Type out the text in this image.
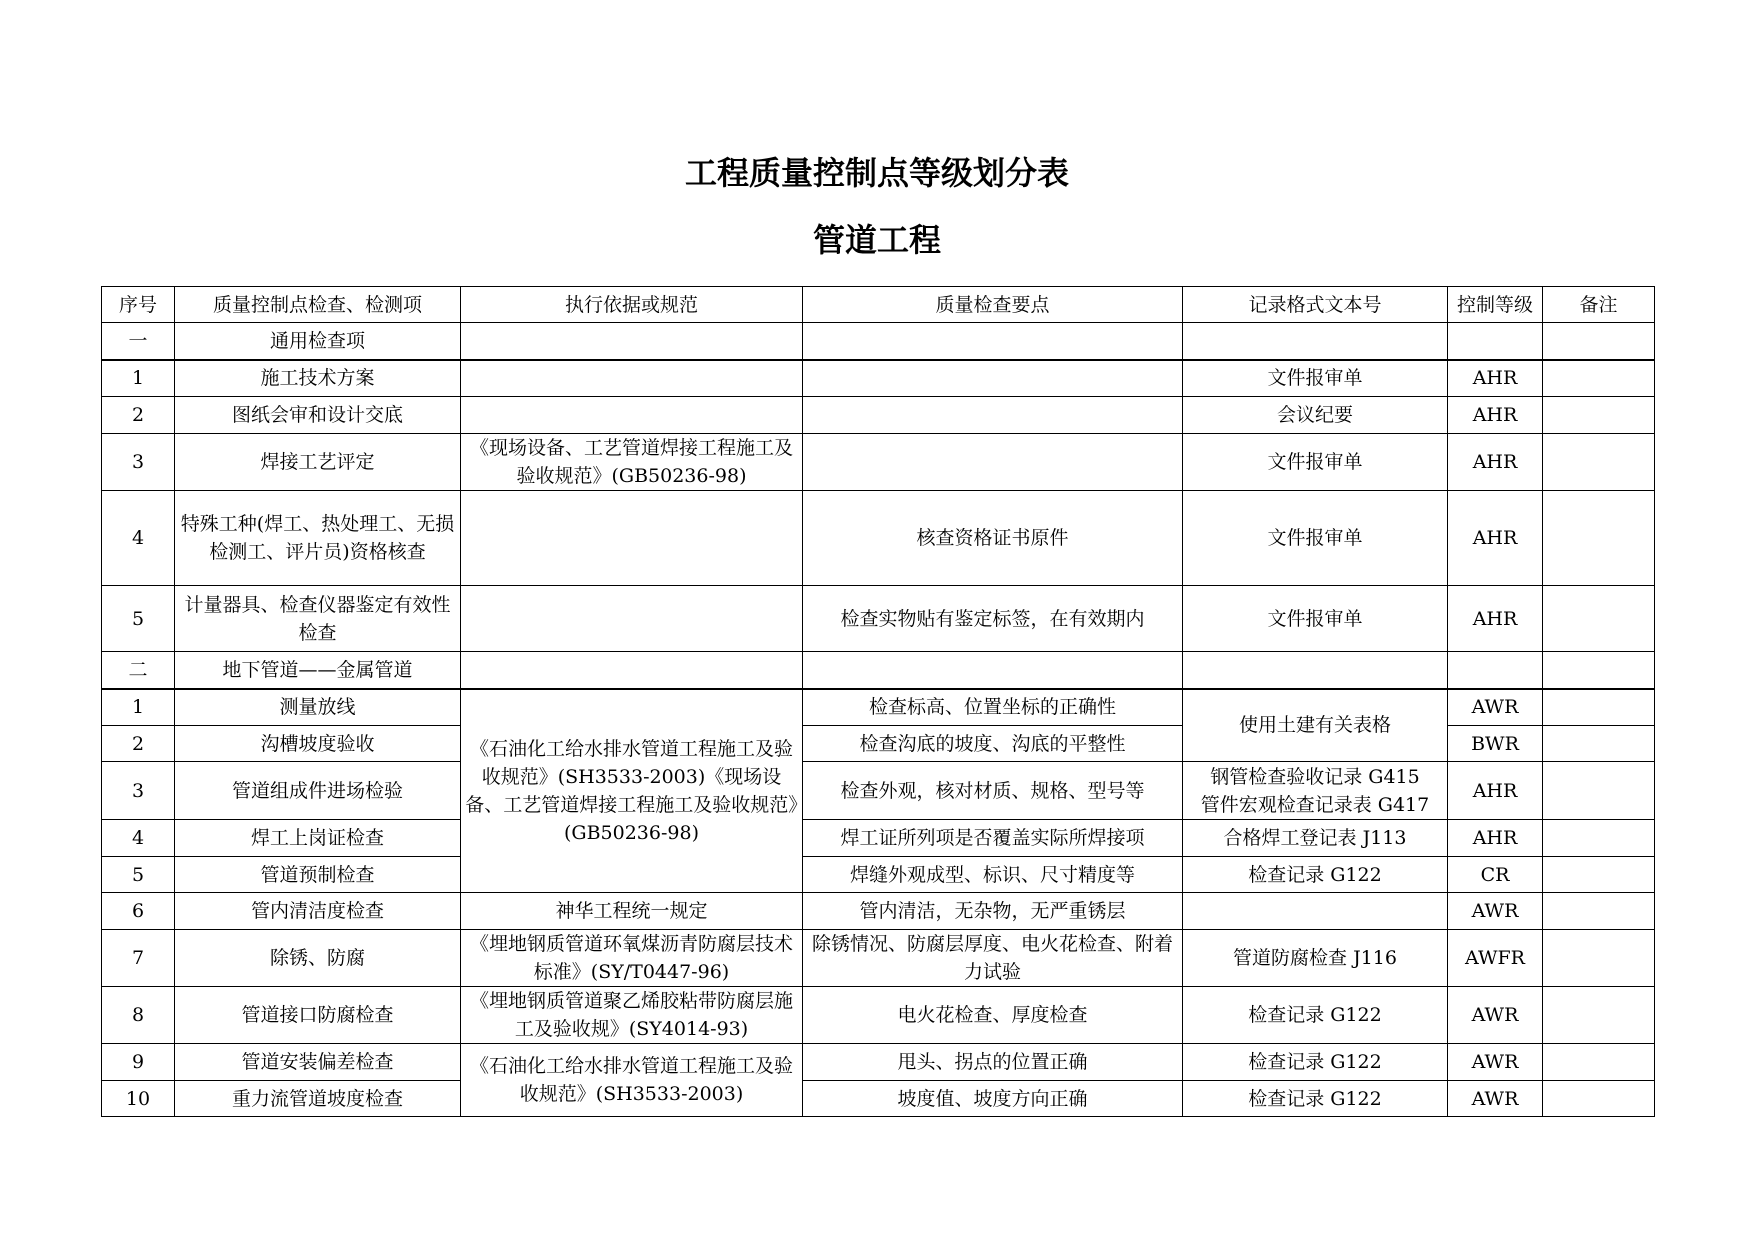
工程质量控制点等级划分表
管道工程
序号	质量控制点检查、检测项	执行依据或规范	质量检查要点	记录格式文本号	控制等级	备注
一	通用检查项					
1	施工技术方案			文件报审单	AHR	
2	图纸会审和设计交底			会议纪要	AHR	
3	焊接工艺评定	《现场设备、工艺管道焊接工程施工及验收规范》(GB50236-98)		文件报审单	AHR	
4	特殊工种(焊工、热处理工、无损检测工、评片员)资格核查		核查资格证书原件	文件报审单	AHR	
5	计量器具、检查仪器鉴定有效性检查		检查实物贴有鉴定标签，在有效期内	文件报审单	AHR	
二	地下管道——金属管道					
1	测量放线	《石油化工给水排水管道工程施工及验收规范》(SH3533-2003)《现场设备、工艺管道焊接工程施工及验收规范》(GB50236-98)	检查标高、位置坐标的正确性	使用土建有关表格	AWR	
2	沟槽坡度验收		检查沟底的坡度、沟底的平整性		BWR	
3	管道组成件进场检验		检查外观，核对材质、规格、型号等	钢管检查验收记录 G415
管件宏观检查记录表 G417	AHR	
4	焊工上岗证检查		焊工证所列项是否覆盖实际所焊接项	合格焊工登记表 J113	AHR	
5	管道预制检查		焊缝外观成型、标识、尺寸精度等	检查记录 G122	CR	
6	管内清洁度检查	神华工程统一规定	管内清洁，无杂物，无严重锈层		AWR	
7	除锈、防腐	《埋地钢质管道环氧煤沥青防腐层技术标准》(SY/T0447-96)	除锈情况、防腐层厚度、电火花检查、附着力试验	管道防腐检查 J116	AWFR	
8	管道接口防腐检查	《埋地钢质管道聚乙烯胶粘带防腐层施工及验收规》(SY4014-93)	电火花检查、厚度检查	检查记录 G122	AWR	
9	管道安装偏差检查	《石油化工给水排水管道工程施工及验收规范》(SH3533-2003)	甩头、拐点的位置正确	检查记录 G122	AWR	
10	重力流管道坡度检查		坡度值、坡度方向正确	检查记录 G122	AWR	
